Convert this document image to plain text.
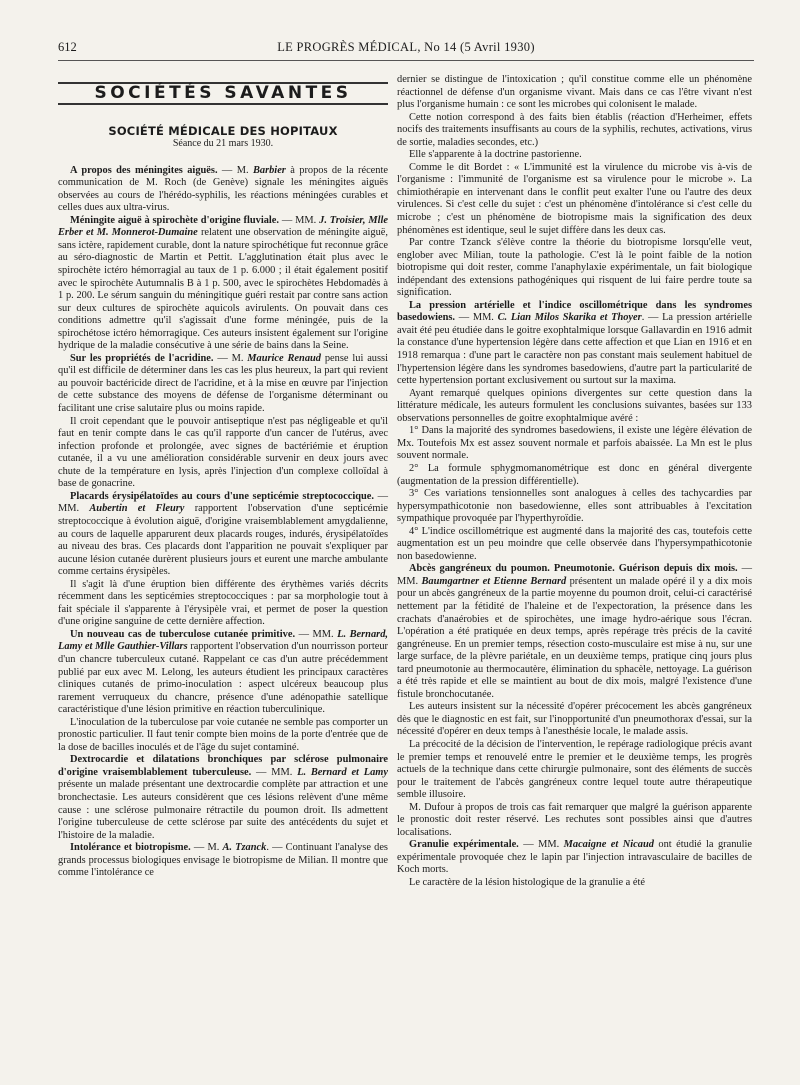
612	LE PROGRÈS MÉDICAL, No 14 (5 Avril 1930)
SOCIÉTÉS SAVANTES
SOCIÉTÉ MÉDICALE DES HOPITAUX
Séance du 21 mars 1930.

A propos des méningites aiguës. — M. Barbier à propos de la récente communication de M. Roch (de Genève) signale les méningites aiguës observées au cours de l'hérédo-syphilis, les réactions méningées curables et celles dues aux ultra-virus.

Méningite aiguë à spirochète d'origine fluviale. — MM. J. Troisier, Mlle Erber et M. Monnerot-Dumaine relatent une observation de méningite aiguë, sans ictère, rapidement curable, dont la nature spirochétique fut reconnue grâce au séro-diagnostic de Martin et Pettit. L'agglutination était plus avec le spirochète ictéro hémorragial au taux de 1 p. 6.000 ; il était également positif avec le spirochète Autumnalis B à 1 p. 500, avec le spirochètes Hebdomadès à 1 p. 200. Le sérum sanguin du méningitique guéri restait par contre sans action sur deux cultures de spirochète aquicols avirulents. On pouvait dans ces conditions admettre qu'il s'agissait d'une forme méningée, puis de la spirochétose ictéro hémorragique. Ces auteurs insistent également sur l'origine hydrique de la maladie consécutive à une série de bains dans la Seine.

Sur les propriétés de l'acridine. — M. Maurice Renaud pense lui aussi qu'il est difficile de déterminer dans les cas les plus heureux, la part qui revient au pouvoir bactéricide direct de l'acridine, et à la mise en œuvre par l'injection de cette substance des moyens de défense de l'organisme déterminant ou facilitant une crise salutaire plus ou moins rapide.

Il croit cependant que le pouvoir antiseptique n'est pas négligeable et qu'il faut en tenir compte dans le cas qu'il rapporte d'un cancer de l'utérus, avec infection profonde et prolongée, avec signes de bactériémie et éruption cutanée, il a vu une amélioration considérable survenir en deux jours avec chute de la température en lysis, après l'injection d'un complexe colloïdal à base de gonacrine.

Placards érysipélatoïdes au cours d'une septicémie streptococcique. — MM. Aubertin et Fleury rapportent l'observation d'une septicémie streptococcique à évolution aiguë, d'origine vraisemblablement amygdalienne, au cours de laquelle apparurent deux placards rouges, indurés, érysipélatoïdes au niveau des bras. Ces placards dont l'apparition ne pouvait s'expliquer par aucune lésion cutanée durèrent plusieurs jours et eurent une marche ambulante comme certains érysipèles.

Il s'agit là d'une éruption bien différente des érythèmes variés décrits récemment dans les septicémies streptococciques : par sa morphologie tout à fait spéciale il s'apparente à l'érysipèle vrai, et permet de poser la question d'une origine sanguine de cette dernière affection.

Un nouveau cas de tuberculose cutanée primitive. — MM. L. Bernard, Lamy et Mlle Gauthier-Villars rapportent l'observation d'un nourrisson porteur d'un chancre tuberculeux cutané. Rappelant ce cas d'un autre précédemment publié par eux avec M. Lelong, les auteurs étudient les principaux caractères cliniques cutanés de primo-inoculation : aspect ulcéreux beaucoup plus rarement verruqueux du chancre, présence d'une adénopathie satellique caractéristique d'une lésion primitive en réaction tuberculinique.

L'inoculation de la tuberculose par voie cutanée ne semble pas comporter un pronostic particulier. Il faut tenir compte bien moins de la porte d'entrée que de la dose de bacilles inoculés et de l'âge du sujet contaminé.

Dextrocardie et dilatations bronchiques par sclérose pulmonaire d'origine vraisemblablement tuberculeuse. — MM. L. Bernard et Lamy présente un malade présentant une dextrocardie complète par attraction et une bronchectasie. Les auteurs considèrent que ces lésions relèvent d'une même cause : une sclérose pulmonaire rétractile du poumon droit. Ils admettent l'origine tuberculeuse de cette sclérose par suite des antécédents du sujet et l'histoire de la maladie.

Intolérance et biotropisme. — M. A. Tzanck. — Continuant l'analyse des grands processus biologiques envisage le biotropisme de Milian. Il montre que comme l'intolérance ce

dernier se distingue de l'intoxication ; qu'il constitue comme elle un phénomène réactionnel de défense d'un organisme vivant. Mais dans ce cas l'être vivant n'est plus l'organisme humain : ce sont les microbes qui colonisent le malade.

Cette notion correspond à des faits bien établis (réaction d'Herheimer, effets nocifs des traitements insuffisants au cours de la syphilis, rechutes, activations, virus de sortie, maladies secondes, etc.)

Elle s'apparente à la doctrine pastorienne.

Comme le dit Bordet : « L'immunité est la virulence du microbe vis à-vis de l'organisme : l'immunité de l'organisme est sa virulence pour le microbe ». La chimiothérapie en intervenant dans le conflit peut exalter l'une ou l'autre des deux virulences. Si c'est celle du sujet : c'est un phénomène d'intolérance si c'est celle du microbe ; c'est un phénomène de biotropisme mais la signification des deux phénomènes est identique, seul le sujet diffère dans les deux cas.

Par contre Tzanck s'élève contre la théorie du biotropisme lorsqu'elle veut, englober avec Milian, toute la pathologie. C'est là le point faible de la notion biotropisme qui doit rester, comme l'anaphylaxie expérimentale, un fait biologique indépendant des extensions pathogéniques qui risquent de lui faire perdre toute sa signification.

La pression artérielle et l'indice oscillométrique dans les syndromes basedowiens. — MM. C. Lian Milos Skarika et Thoyer. — La pression artérielle avait été peu étudiée dans le goitre exophtalmique lorsque Gallavardin en 1916 admit la constance d'une hypertension légère dans cette affection et que Lian en 1916 et en 1918 remarqua : d'une part le caractère non pas constant mais seulement habituel de l'hypertension légère dans les syndromes basedowiens, d'autre part la particularité de cette hypertension portant exclusivement ou surtout sur la maxima.

Ayant remarqué quelques opinions divergentes sur cette question dans la littérature médicale, les auteurs formulent les conclusions suivantes, basées sur 133 observations personnelles de goitre exophtalmique avéré :

1° Dans la majorité des syndromes basedowiens, il existe une légère élévation de Mx. Toutefois Mx est assez souvent normale et parfois abaissée. La Mn est le plus souvent normale.

2° La formule sphygmomanométrique est donc en général divergente (augmentation de la pression différentielle).

3° Ces variations tensionnelles sont analogues à celles des tachycardies par hypersympathicotonie non basedowienne, elles sont attribuables à l'excitation sympathique provoquée par l'hyperthyroïdie.

4° L'indice oscillométrique est augmenté dans la majorité des cas, toutefois cette augmentation est un peu moindre que celle observée dans l'hypersympathicotonie non basedowienne.

Abcès gangréneux du poumon. Pneumotonie. Guérison depuis dix mois. — MM. Baumgartner et Etienne Bernard présentent un malade opéré il y a dix mois pour un abcès gangréneux de la partie moyenne du poumon droit, celui-ci caractérisé nettement par la fétidité de l'haleine et de l'expectoration, la présence dans les crachats d'anaérobies et de spirochètes, une image hydro-aérique sous l'écran. L'opération a été pratiquée en deux temps, après repérage très précis de la cavité gangréneuse. En un premier temps, résection costo-musculaire est mise à nu, sur une large surface, de la plèvre pariétale, en un deuxième temps, pratique cinq jours plus tard pneumotonie au thermocautère, élimination du sphacèle, nettoyage. La guérison a été très rapide et elle se maintient au bout de dix mois, malgré l'existence d'une fistule bronchocutanée.

Les auteurs insistent sur la nécessité d'opérer précocement les abcès gangréneux dès que le diagnostic en est fait, sur l'inopportunité d'un pneumothorax d'essai, sur la nécessité d'opérer en deux temps à l'anesthésie locale, le malade assis.

La précocité de la décision de l'intervention, le repérage radiologique précis avant le premier temps et renouvelé entre le premier et le deuxième temps, les progrès actuels de la technique dans cette chirurgie pulmonaire, sont des éléments de succès pour le traitement de l'abcès gangréneux contre lequel toute autre thérapeutique semble illusoire.

M. Dufour à propos de trois cas fait remarquer que malgré la guérison apparente le pronostic doit rester réservé. Les rechutes sont possibles ainsi que d'autres localisations.

Granulie expérimentale. — MM. Macaigne et Nicaud ont étudié la granulie expérimentale provoquée chez le lapin par l'injection intravasculaire de bacilles de Koch morts.

Le caractère de la lésion histologique de la granulie a été
